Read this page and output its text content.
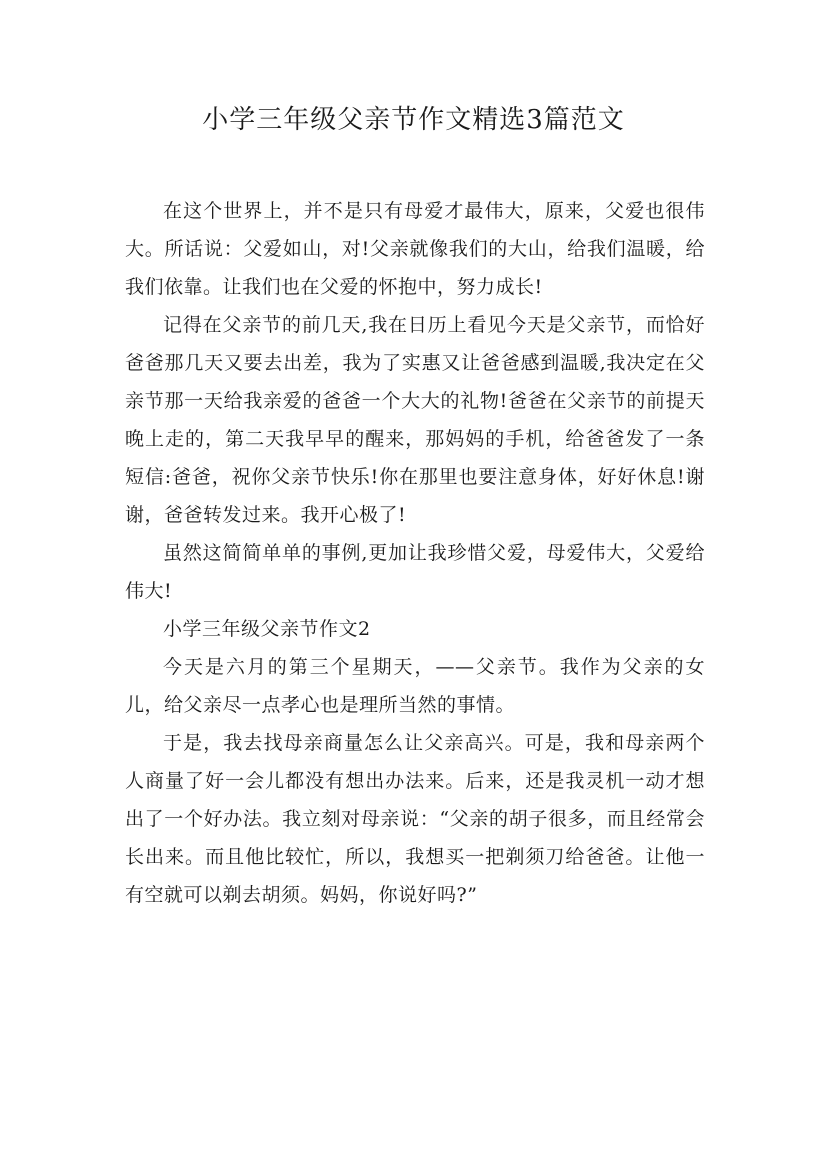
小学三年级父亲节作文精选3篇范文

在这个世界上，并不是只有母爱才最伟大，原来，父爱也很伟大。所话说：父爱如山，对!父亲就像我们的大山，给我们温暖，给我们依靠。让我们也在父爱的怀抱中，努力成长!

记得在父亲节的前几天,我在日历上看见今天是父亲节，而恰好爸爸那几天又要去出差，我为了实惠又让爸爸感到温暖,我决定在父亲节那一天给我亲爱的爸爸一个大大的礼物!爸爸在父亲节的前提天晚上走的，第二天我早早的醒来，那妈妈的手机，给爸爸发了一条短信:爸爸，祝你父亲节快乐!你在那里也要注意身体，好好休息!谢谢，爸爸转发过来。我开心极了!

虽然这简简单单的事例,更加让我珍惜父爱，母爱伟大，父爱给伟大!

小学三年级父亲节作文2

今天是六月的第三个星期天，——父亲节。我作为父亲的女儿，给父亲尽一点孝心也是理所当然的事情。

于是，我去找母亲商量怎么让父亲高兴。可是，我和母亲两个人商量了好一会儿都没有想出办法来。后来，还是我灵机一动才想出了一个好办法。我立刻对母亲说：“父亲的胡子很多，而且经常会长出来。而且他比较忙，所以，我想买一把剃须刀给爸爸。让他一有空就可以剃去胡须。妈妈，你说好吗?”
